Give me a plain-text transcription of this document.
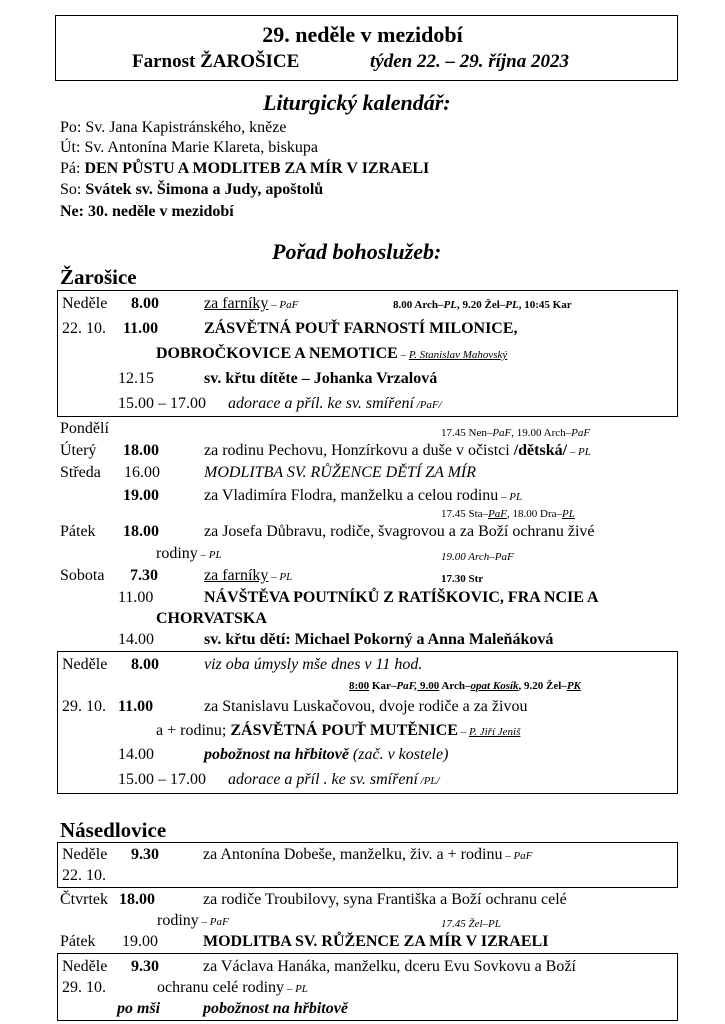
29. neděle v mezidobí
Farnost ŽAROŠICE	týden 22. – 29. října 2023
Liturgický kalendář:
Po: Sv. Jana Kapistránského, kněze
Út: Sv. Antonína Marie Klareta, biskupa
Pá: DEN PŮSTU A MODLITEB ZA MÍR V IZRAELI
So: Svátek sv. Šimona a Judy, apoštolů
Ne: 30. neděle v mezidobí
Pořad bohoslužeb:
Žarošice
Neděle 8.00	za farníky – PaF	8.00 Arch–PL, 9.20 Žel–PL, 10:45 Kar
22. 10. 11.00	ZÁSVĚTNÁ POUŤ FARNOSTÍ MILONICE,
DOBROČKOVICE A NEMOTICE – P. Stanislav Mahovský
12.15	sv. křtu dítěte – Johanka Vrzalová
15.00 – 17.00 adorace a příl. ke sv. smíření /PaF/
Pondělí	17.45 Nen–PaF, 19.00 Arch–PaF
Úterý 18.00	za rodinu Pechovu, Honzírkovu a duše v očistci /dětská/ – PL
Středa 16.00	MODLITBA SV. RŮŽENCE DĚTÍ ZA MÍR
19.00	za Vladimíra Flodra, manželku a celou rodinu – PL
17.45 Sta–PaF, 18.00 Dra–PL
Pátek 18.00	za Josefa Důbravu, rodiče, švagrovou a za Boží ochranu živé
rodiny – PL	19.00 Arch–PaF
Sobota 7.30	za farníky – PL	17.30 Str
11.00	NÁVŠTĚVA POUTNÍKŮ Z RATÍŠKOVIC, FRA NCIE A
CHORVATSKA
14.00	sv. křtu dětí: Michael Pokorný a Anna Maleňáková
Neděle 8.00	viz oba úmysly mše dnes v 11 hod.
8:00 Kar–PaF, 9.00 Arch–opat Kosík, 9.20 Žel–PK
29. 10. 11.00	za Stanislavu Luskačovou, dvoje rodiče a za živou
a + rodinu; ZÁSVĚTNÁ POUŤ MUTĚNICE – P. Jiří Jeniš
14.00	pobožnost na hřbitově (zač. v kostele)
15.00 – 17.00 adorace a příl . ke sv. smíření /PL/
Násedlovice
Neděle 9.30	za Antonína Dobeše, manželku, živ. a + rodinu – PaF
22. 10.
Čtvrtek 18.00	za rodiče Troubilovy, syna Františka a Boží ochranu celé
rodiny – PaF	17.45 Žel–PL
Pátek 19.00	MODLITBA SV. RŮŽENCE ZA MÍR V IZRAELI
Neděle 9.30	za Václava Hanáka, manželku, dceru Evu Sovkovu a Boží
29. 10.	ochranu celé rodiny – PL
po mši	pobožnost na hřbitově
